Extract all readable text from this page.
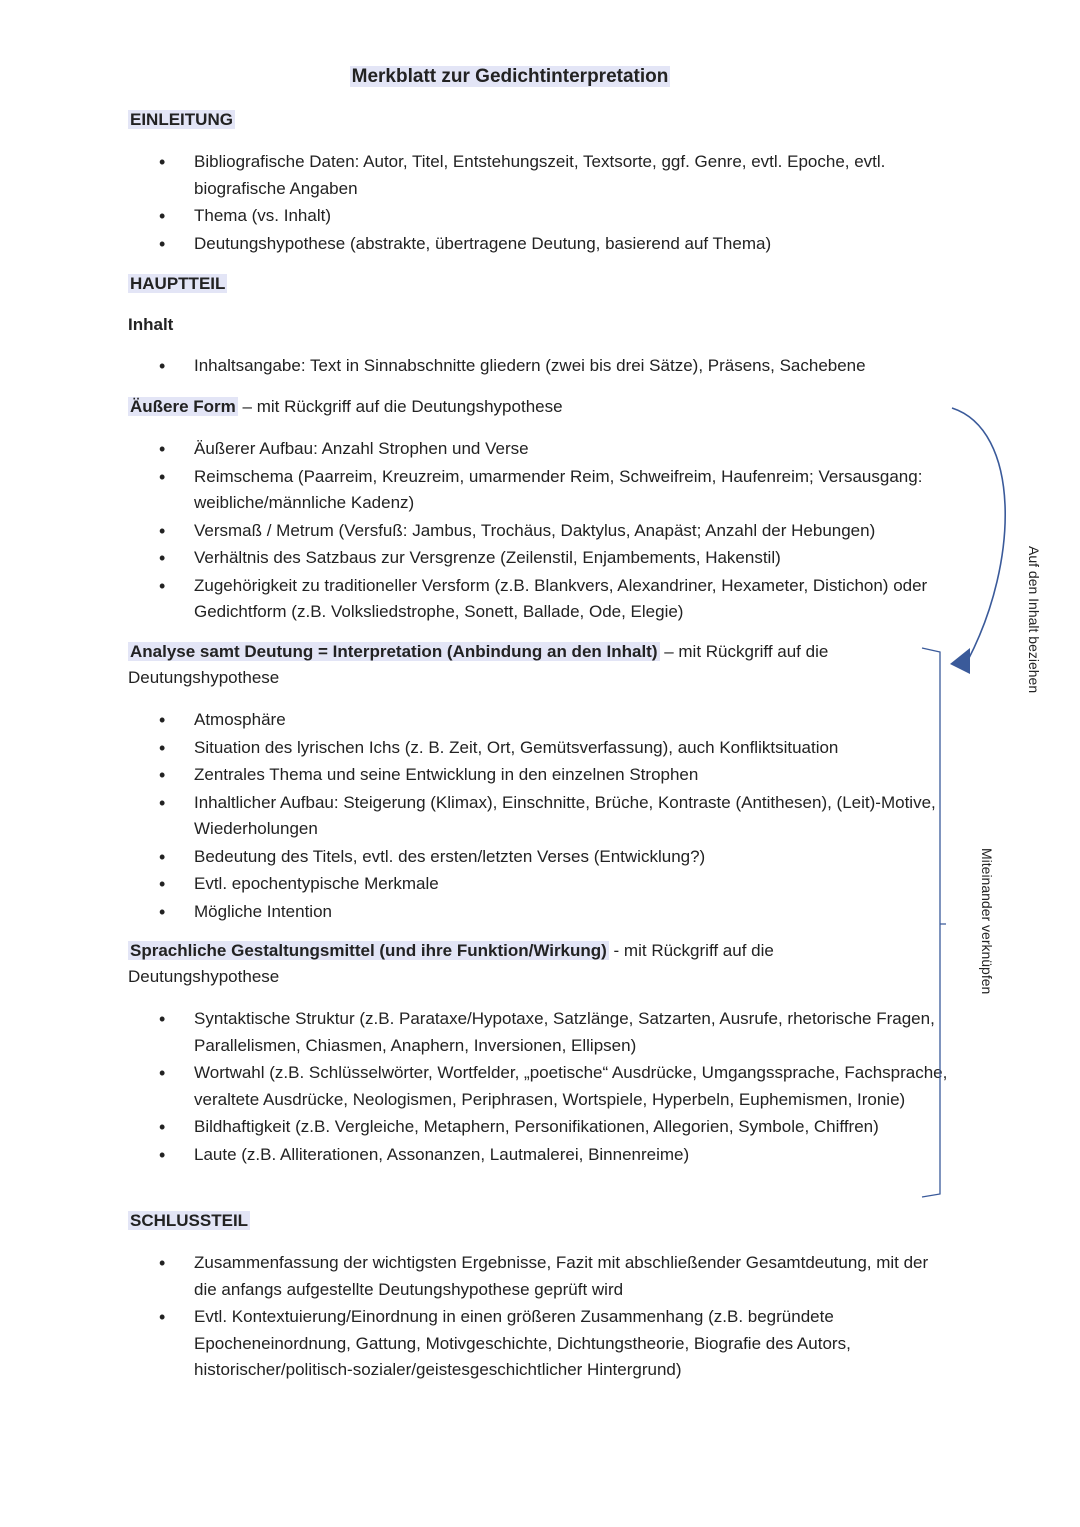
Merkblatt zur Gedichtinterpretation
EINLEITUNG
• Bibliografische Daten: Autor, Titel, Entstehungszeit, Textsorte, ggf. Genre, evtl. Epoche, evtl. biografische Angaben
• Thema (vs. Inhalt)
• Deutungshypothese (abstrakte, übertragene Deutung, basierend auf Thema)
HAUPTTEIL
Inhalt
• Inhaltsangabe: Text in Sinnabschnitte gliedern (zwei bis drei Sätze), Präsens, Sachebene
Äußere Form – mit Rückgriff auf die Deutungshypothese
• Äußerer Aufbau: Anzahl Strophen und Verse
• Reimschema (Paarreim, Kreuzreim, umarmender Reim, Schweifreim, Haufenreim; Versausgang: weibliche/männliche Kadenz)
• Versmaß / Metrum (Versfuß: Jambus, Trochäus, Daktylus, Anapäst; Anzahl der Hebungen)
• Verhältnis des Satzbaus zur Versgrenze (Zeilenstil, Enjambements, Hakenstil)
• Zugehörigkeit zu traditioneller Versform (z.B. Blankvers, Alexandriner, Hexameter, Distichon) oder Gedichtform (z.B. Volksliedstrophe, Sonett, Ballade, Ode, Elegie)
Analyse samt Deutung = Interpretation (Anbindung an den Inhalt) – mit Rückgriff auf die Deutungshypothese
• Atmosphäre
• Situation des lyrischen Ichs (z. B. Zeit, Ort, Gemütsverfassung), auch Konfliktsituation
• Zentrales Thema und seine Entwicklung in den einzelnen Strophen
• Inhaltlicher Aufbau: Steigerung (Klimax), Einschnitte, Brüche, Kontraste (Antithesen), (Leit)-Motive, Wiederholungen
• Bedeutung des Titels, evtl. des ersten/letzten Verses (Entwicklung?)
• Evtl. epochentypische Merkmale
• Mögliche Intention
Sprachliche Gestaltungsmittel (und ihre Funktion/Wirkung) - mit Rückgriff auf die Deutungshypothese
• Syntaktische Struktur (z.B. Parataxe/Hypotaxe, Satzlänge, Satzarten, Ausrufe, rhetorische Fragen, Parallelismen, Chiasmen, Anaphern, Inversionen, Ellipsen)
• Wortwahl (z.B. Schlüsselwörter, Wortfelder, „poetische“ Ausdrücke, Umgangssprache, Fachsprache, veraltete Ausdrücke, Neologismen, Periphrasen, Wortspiele, Hyperbeln, Euphemismen, Ironie)
• Bildhaftigkeit (z.B. Vergleiche, Metaphern, Personifikationen, Allegorien, Symbole, Chiffren)
• Laute (z.B. Alliterationen, Assonanzen, Lautmalerei, Binnenreime)
SCHLUSSTEIL
• Zusammenfassung der wichtigsten Ergebnisse, Fazit mit abschließender Gesamtdeutung, mit der die anfangs aufgestellte Deutungshypothese geprüft wird
• Evtl. Kontextuierung/Einordnung in einen größeren Zusammenhang (z.B. begründete Epocheneinordnung, Gattung, Motivgeschichte, Dichtungstheorie, Biografie des Autors, historischer/politisch-sozialer/geistesgeschichtlicher Hintergrund)
Auf den Inhalt beziehen
Miteinander verknüpfen
